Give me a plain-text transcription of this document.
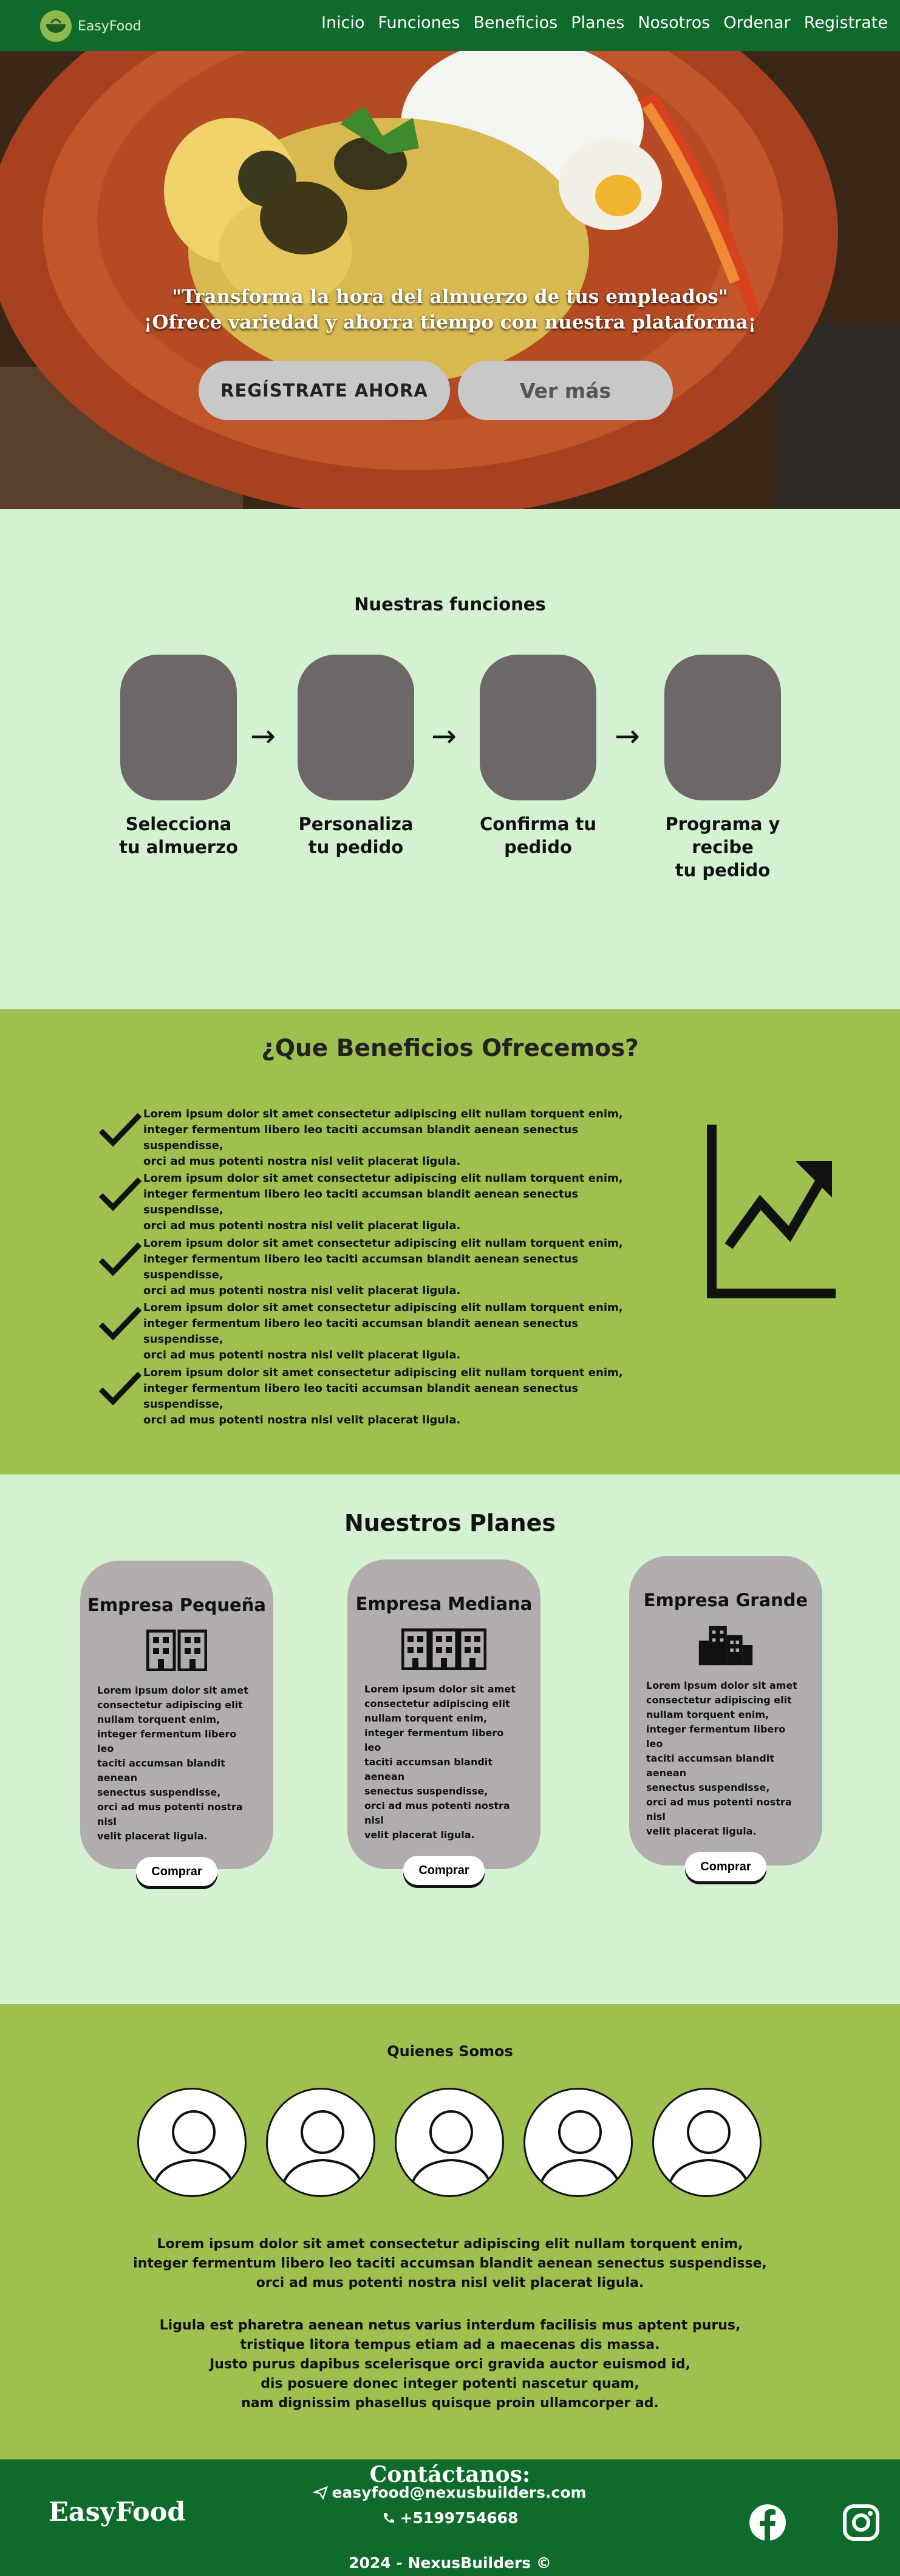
EasyFood	Inicio Funciones Beneficios Planes Nosotros Ordenar Registrate
"Transforma la hora del almuerzo de tus empleados"
¡Ofrece variedad y ahorra tiempo con nuestra plataforma¡
REGÍSTRATE AHORA	Ver más
Nuestras funciones
Selecciona
tu almuerzo
→
Personaliza
tu pedido
→
Confirma tu
pedido
→
Programa y recibe
tu pedido
¿Que Beneficios Ofrecemos?
Lorem ipsum dolor sit amet consectetur adipiscing elit nullam torquent enim,
integer fermentum libero leo taciti accumsan blandit aenean senectus suspendisse,
orci ad mus potenti nostra nisl velit placerat ligula.
Lorem ipsum dolor sit amet consectetur adipiscing elit nullam torquent enim,
integer fermentum libero leo taciti accumsan blandit aenean senectus suspendisse,
orci ad mus potenti nostra nisl velit placerat ligula.
Lorem ipsum dolor sit amet consectetur adipiscing elit nullam torquent enim,
integer fermentum libero leo taciti accumsan blandit aenean senectus suspendisse,
orci ad mus potenti nostra nisl velit placerat ligula.
Lorem ipsum dolor sit amet consectetur adipiscing elit nullam torquent enim,
integer fermentum libero leo taciti accumsan blandit aenean senectus suspendisse,
orci ad mus potenti nostra nisl velit placerat ligula.
Lorem ipsum dolor sit amet consectetur adipiscing elit nullam torquent enim,
integer fermentum libero leo taciti accumsan blandit aenean senectus suspendisse,
orci ad mus potenti nostra nisl velit placerat ligula.
Nuestros Planes
Empresa Pequeña
Lorem ipsum dolor sit amet
consectetur adipiscing elit
nullam torquent enim,
integer fermentum libero leo
taciti accumsan blandit aenean
senectus suspendisse,
orci ad mus potenti nostra nisl
velit placerat ligula.
Comprar
Empresa Mediana
Lorem ipsum dolor sit amet
consectetur adipiscing elit
nullam torquent enim,
integer fermentum libero leo
taciti accumsan blandit aenean
senectus suspendisse,
orci ad mus potenti nostra nisl
velit placerat ligula.
Comprar
Empresa Grande
Lorem ipsum dolor sit amet
consectetur adipiscing elit
nullam torquent enim,
integer fermentum libero leo
taciti accumsan blandit aenean
senectus suspendisse,
orci ad mus potenti nostra nisl
velit placerat ligula.
Comprar
Quienes Somos
Lorem ipsum dolor sit amet consectetur adipiscing elit nullam torquent enim,
integer fermentum libero leo taciti accumsan blandit aenean senectus suspendisse,
orci ad mus potenti nostra nisl velit placerat ligula.
Ligula est pharetra aenean netus varius interdum facilisis mus aptent purus,
tristique litora tempus etiam ad a maecenas dis massa.
Justo purus dapibus scelerisque orci gravida auctor euismod id,
dis posuere donec integer potenti nascetur quam,
nam dignissim phasellus quisque proin ullamcorper ad.
EasyFood
Contáctanos:
easyfood@nexusbuilders.com
+5199754668
2024 - NexusBuilders ©
